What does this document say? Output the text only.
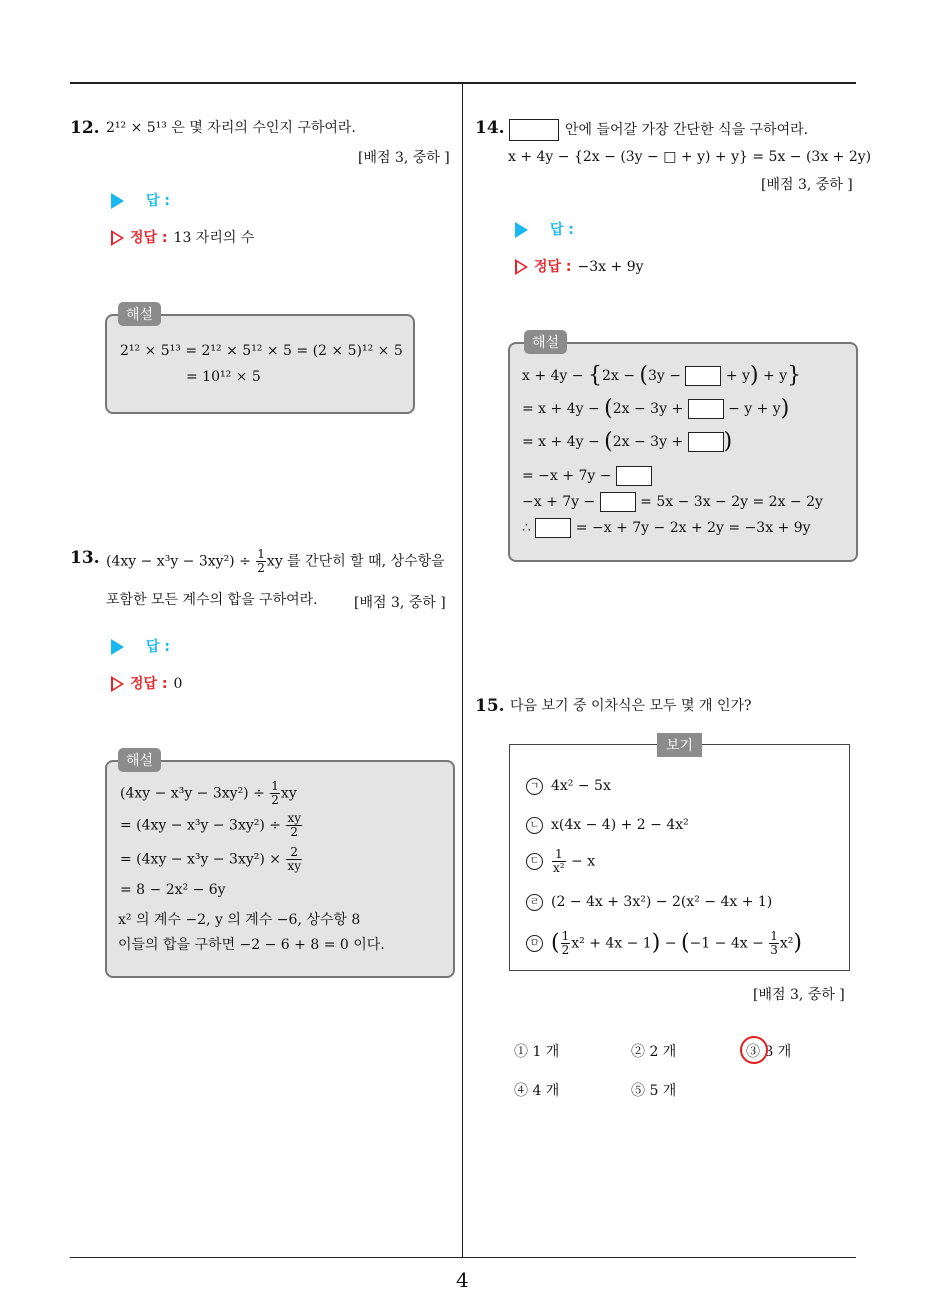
4
12. 2¹² × 5¹³ 은 몇 자리의 수인지 구하여라.
[배점 3, 중하 ]
답 :
정답 : 13 자리의 수
해설
2¹² × 5¹³ = 2¹² × 5¹² × 5 = (2 × 5)¹² × 5
= 10¹² × 5
13. $(4xy - x^3y - 3xy^2) \div \frac{1}{2}$ xy 를 간단히 할 때, 상수항을
포함한 모든 계수의 합을 구하여라.	[배점 3, 중하 ]
답 :
정답 : 0
해설
$(4xy - x^3y - 3xy^2) \div \frac{1}{2}$ xy
= $(4xy - x^3y - 3xy^2) \div \frac{xy}{2}$
= $(4xy - x^3y - 3xy^2) \times \frac{2}{xy}$
= 8 − 2x² − 6y
x² 의 계수 −2, y 의 계수 −6, 상수항 8
이들의 합을 구하면 −2 − 6 + 8 = 0 이다.
14.	안에 들어갈 가장 간단한 식을 구하여라.
x + 4y − {2x − (3y − □ + y) + y} = 5x − (3x + 2y)
[배점 3, 중하 ]
답 :
정답 : −3x + 9y
해설
x + 4y − {2x − (3y −	+ y) + y}
= x + 4y − (2x − 3y +	− y + y)
= x + 4y − (2x − 3y + )
= −x + 7y −
−x + 7y −	= 5x − 3x − 2y = 2x − 2y
∴	= −x + 7y − 2x + 2y = −3x + 9y
15. 다음 보기 중 이차식은 모두 몇 개 인가?
보기
ㄱ 4x² − 5x
ㄴ x(4x − 4) + 2 − 4x²
ㄷ $\frac{1}{\text{x²}} - x$
ㄹ (2 − 4x + 3x²) − 2(x² − 4x + 1)
ㅁ ( $\frac{1}{2} x^2 + 4x - 1) - (-1 - 4x - \frac{1}{3} x^2)$
[배점 3, 중하 ]
① 1 개	② 2 개	③ 3 개
④ 4 개	⑤ 5 개
